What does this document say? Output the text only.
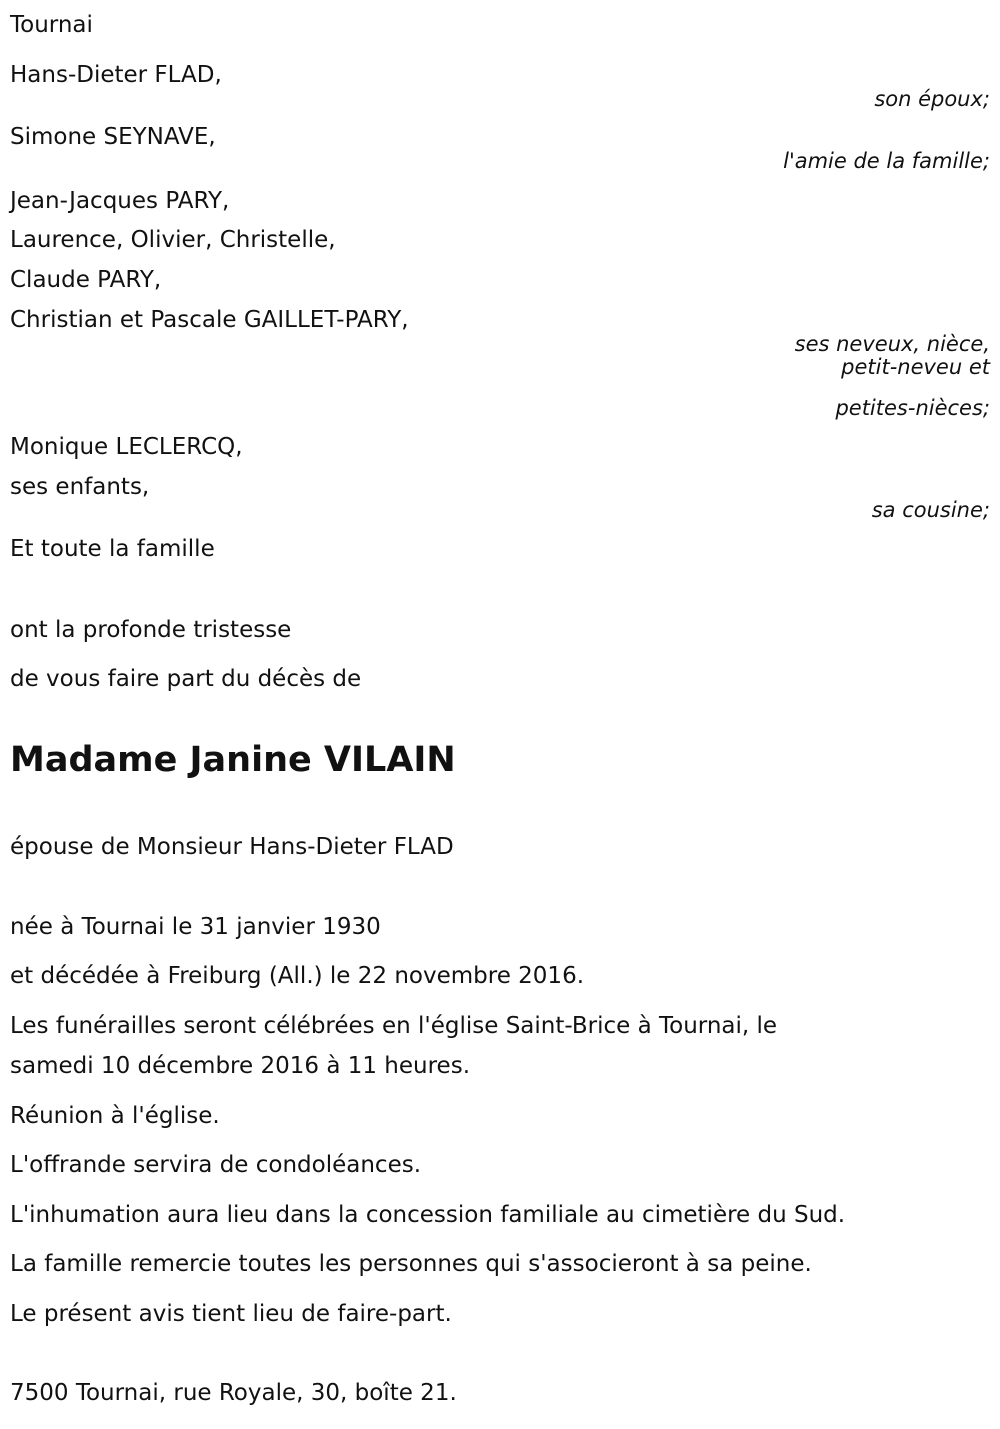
Tournai
Hans-Dieter FLAD,
son époux;
Simone SEYNAVE,
l'amie de la famille;
Jean-Jacques PARY,
Laurence, Olivier, Christelle,
Claude PARY,
Christian et Pascale GAILLET-PARY,
ses neveux, nièce,
petit-neveu et
petites-nièces;
Monique LECLERCQ,
ses enfants,
sa cousine;
Et toute la famille
ont la profonde tristesse
de vous faire part du décès de
Madame Janine VILAIN
épouse de Monsieur Hans-Dieter FLAD
née à Tournai le 31 janvier 1930
et décédée à Freiburg (All.) le 22 novembre 2016.
Les funérailles seront célébrées en l'église Saint-Brice à Tournai, le
samedi 10 décembre 2016 à 11 heures.
Réunion à l'église.
L'offrande servira de condoléances.
L'inhumation aura lieu dans la concession familiale au cimetière du Sud.
La famille remercie toutes les personnes qui s'associeront à sa peine.
Le présent avis tient lieu de faire-part.
7500 Tournai, rue Royale, 30, boîte 21.
